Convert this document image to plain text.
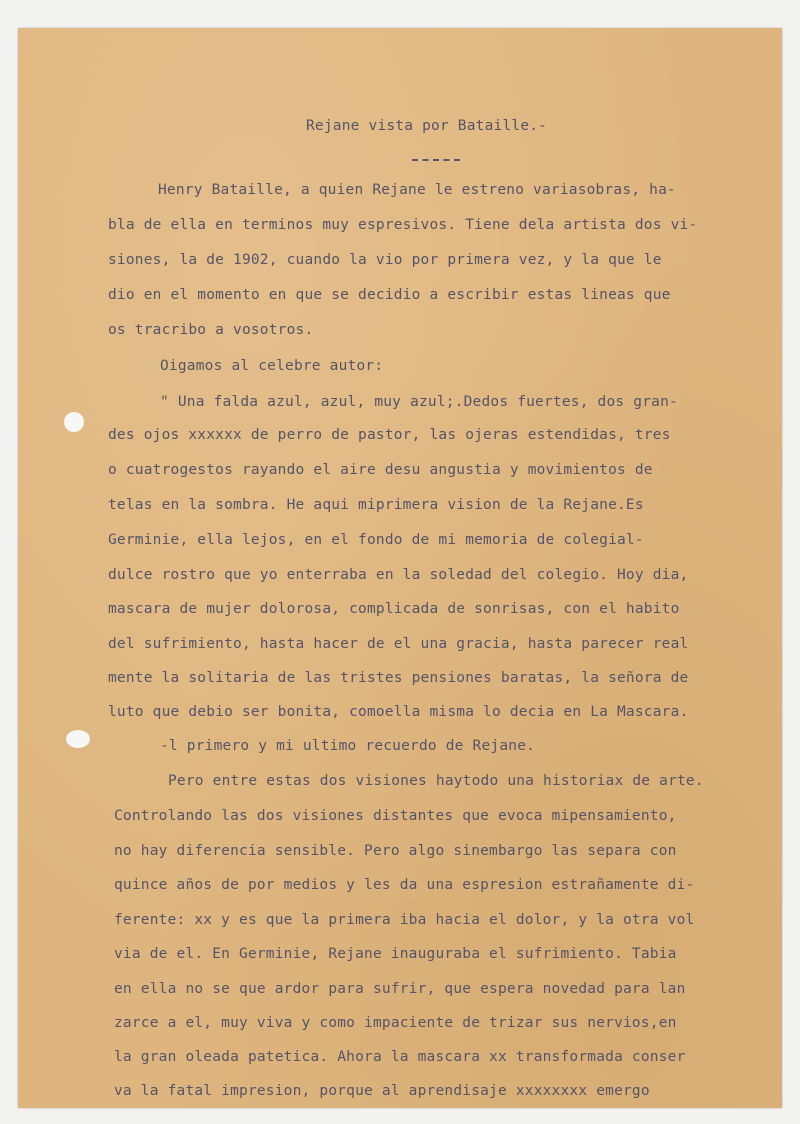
Rejane vista por Bataille.-
Henry Bataille, a quien Rejane le estreno variasobras, ha-
bla de ella en terminos muy espresivos. Tiene dela artista dos vi-
siones, la de 1902, cuando la vio por primera vez, y la que le
dio en el momento en que se decidio a escribir estas lineas que
os tracribo a vosotros.
Oigamos al celebre autor:
" Una falda azul, azul, muy azul;.Dedos fuertes, dos gran-
des ojos xxxxxx de perro de pastor, las ojeras estendidas, tres
o cuatrogestos rayando el aire desu angustia y movimientos de
telas en la sombra. He aqui miprimera vision de la Rejane.Es
Germinie, ella lejos, en el fondo de mi memoria de colegial-
dulce rostro que yo enterraba en la soledad del colegio. Hoy dia,
mascara de mujer dolorosa, complicada de sonrisas, con el habito
del sufrimiento, hasta hacer de el una gracia, hasta parecer real
mente la solitaria de las tristes pensiones baratas, la señora de
luto que debio ser bonita, comoella misma lo decia en La Mascara.
-l primero y mi ultimo recuerdo de Rejane.
Pero entre estas dos visiones haytodo una historiax de arte.
Controlando las dos visiones distantes que evoca mipensamiento,
no hay diferencia sensible. Pero algo sinembargo las separa con
quince años de por medios y les da una espresion estrañamente di-
ferente: xx y es que la primera iba hacia el dolor, y la otra vol
via de el. En Germinie, Rejane inauguraba el sufrimiento. Tabia
en ella no se que ardor para sufrir, que espera novedad para lan
zarce a el, muy viva y como impaciente de trizar sus nervios,en
la gran oleada patetica. Ahora la mascara xx transformada conser
va la fatal impresion, porque al aprendisaje xxxxxxxx emergo
